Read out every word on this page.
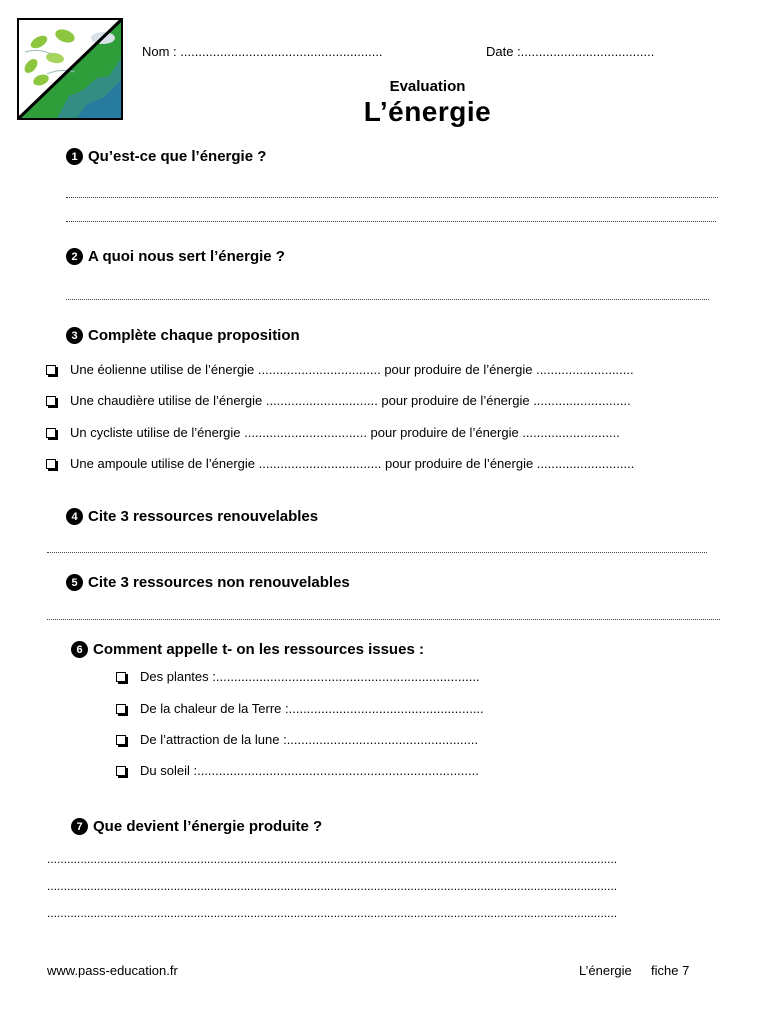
Nom : ........................................................	Date :.....................................
Evaluation
L’énergie
1 Qu’est-ce que l’énergie ?
2 A quoi nous sert l’énergie ?
3 Complète chaque proposition
Une éolienne utilise de l’énergie .................................. pour produire de l’énergie ...........................
Une chaudière utilise de l’énergie ............................... pour produire de l’énergie ...........................
Un cycliste utilise de l’énergie .................................. pour produire de l’énergie ...........................
Une ampoule utilise de l’énergie .................................. pour produire de l’énergie ...........................
4 Cite 3 ressources renouvelables
5 Cite 3 ressources non renouvelables
6 Comment appelle t- on les ressources issues :
Des plantes :.........................................................................
De la chaleur de la Terre :......................................................
De l’attraction de la lune :.....................................................
Du soleil :..............................................................................
7 Que devient l’énergie produite ?
...........................................................................................................................................................................
...........................................................................................................................................................................
...........................................................................................................................................................................
www.pass-education.fr	L’énergie fiche 7
